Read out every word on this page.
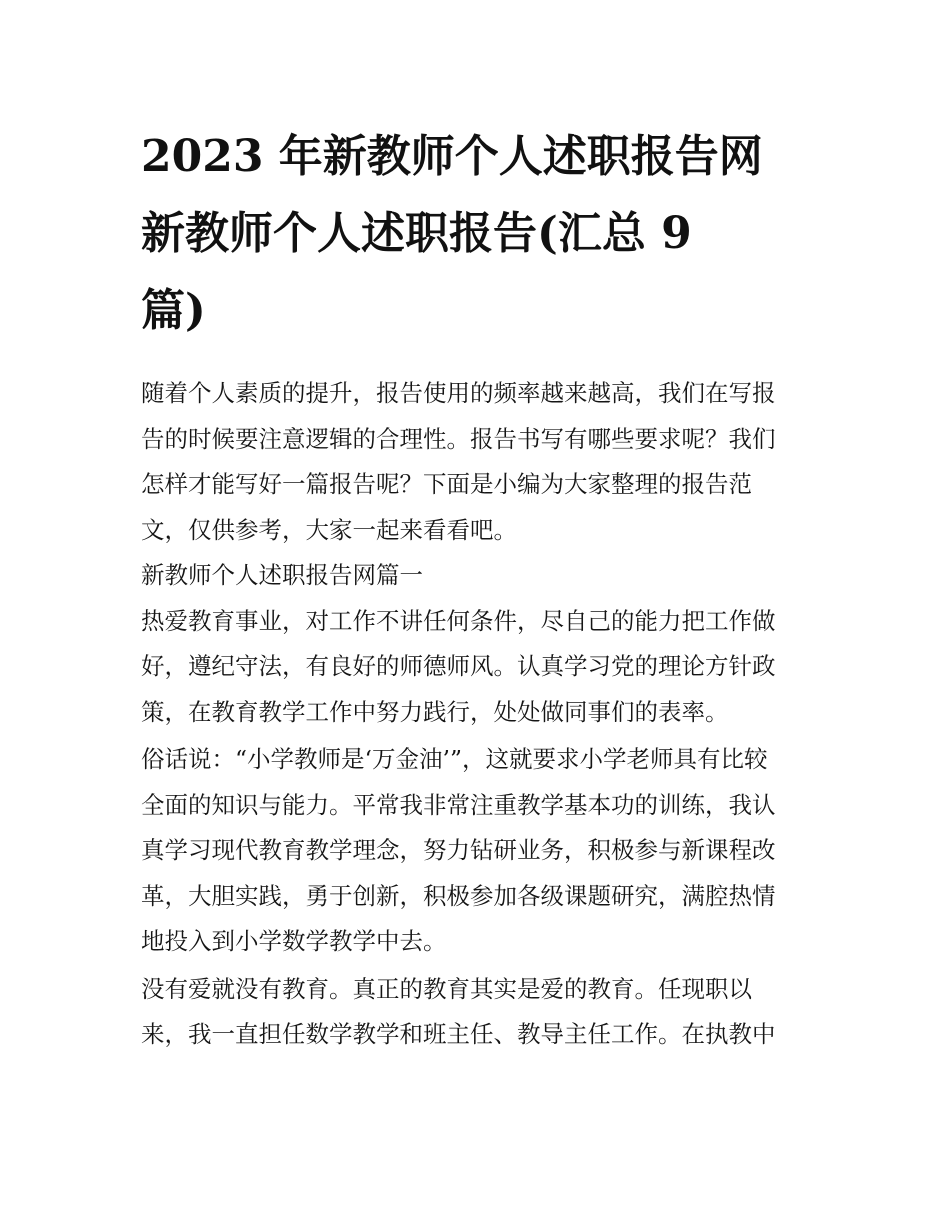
2023 年新教师个人述职报告网
新教师个人述职报告(汇总 9
篇)

随着个人素质的提升，报告使用的频率越来越高，我们在写报
告的时候要注意逻辑的合理性。报告书写有哪些要求呢？我们
怎样才能写好一篇报告呢？下面是小编为大家整理的报告范
文，仅供参考，大家一起来看看吧。

新教师个人述职报告网篇一

热爱教育事业，对工作不讲任何条件，尽自己的能力把工作做
好，遵纪守法，有良好的师德师风。认真学习党的理论方针政
策，在教育教学工作中努力践行，处处做同事们的表率。

俗话说：“小学教师是‘万金油’”，这就要求小学老师具有比较
全面的知识与能力。平常我非常注重教学基本功的训练，我认
真学习现代教育教学理念，努力钻研业务，积极参与新课程改
革，大胆实践，勇于创新，积极参加各级课题研究，满腔热情
地投入到小学数学教学中去。

没有爱就没有教育。真正的教育其实是爱的教育。任现职以
来，我一直担任数学教学和班主任、教导主任工作。在执教中
